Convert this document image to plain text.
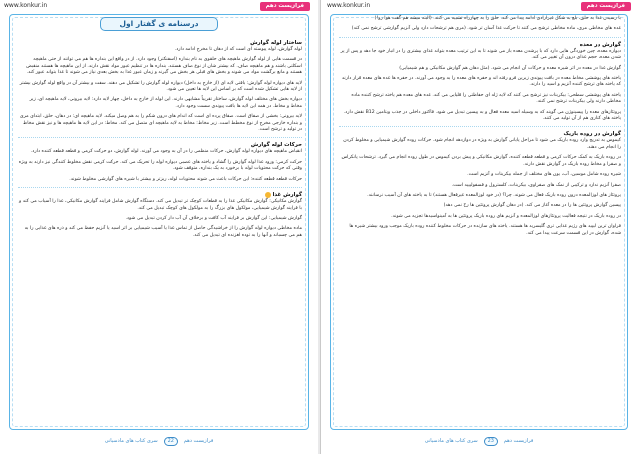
www.konkur.in	فرازیست دهم
درسنامه ی گفتار اول
ساختار لوله گوارش

لوله گوارش، لوله پیوسته ای است که از دهان تا مخرج ادامه دارد.

در قسمت هایی از لوله گوارش ماهیچه های حلقوی به نام بنداره (اسفنکتر) وجود دارد. از در واقع این بنداره ها هم می توانند از حتی ماهیچه اسکلتی باشند و هم ماهیچه صاف. که بیشتر شان از نوع صاف هستند. بنداره ها در تنظیم عبور مواد نقش دارند. از این ماهیچه ها هستند منقبض هستند و مانع برگشت مواد می شوند و بخش های قبلی هر بخش می گیرند و زمان عبور غذا به بخش بعدی نیاز می شوند تا غذا بتواند عبور کند.

لایه های دیواره لوله گوارش: بافتی لایه ای (از خارج به داخل) دیواره لوله گوارش را تشکیل می دهند. سفت و بیشتر آن در واقع لوله گوارش بیشتر از لایه هایی تشکیل شده است که بر اساس این لایه ها تعیین می شود.

دیواره بخش های مختلف لوله گوارش، ساختار تقریباً مشابهی دارند. این لوله از خارج به داخل، چهار لایه دارد: لایه بیرونی، لایه ماهیچه ای، زیر مخاط و مخاط. در همه این لایه ها بافت پیوندی سست وجود دارد.

لایه بیرونی: بخشی از صفاق است. صفاق پرده ای است که اندام های درون شکم را به هم وصل میکند. لایه ماهیچه ای: در دهان، حلق، ابتدای مری و بنداره خارجی مخرج از نوع مخطط است. زیر مخاط: مخاط به لایه ماهیچه ای متصل می کند. مخاط: در این لایه ها ماهیچه ها و نیز نقش مخاط در تولید و ترشح است.

حرکات لوله گوارش

انقباض ماهیچه های دیواره لوله گوارش، حرکات منظمی را در آن به وجود می آورند. لوله گوارش، دو حرکت کرمی و قطعه قطعه کننده دارد.

حرکت کرمی: ورود غذا لوله گوارش را گشاد و یاخته های عصبی دیواره لوله را تحریک می کند. حرکت کرمی نقش مخلوط کنندگی نیز دارند به ویژه وقتی که حرکت محتویات لوله با برخورد به یک بنداره، متوقف شود.

حرکات قطعه قطعه کننده: این حرکات باعث می شوند محتویات لوله، ریزتر و بیشتر با شیره های گوارشی مخلوط شوند.

گوارش غذا

گوارش مکانیکی: گوارش مکانیکی غذا را به قطعات کوچک تر تبدیل می کند. دستگاه گوارش شامل فرایند گوارش مکانیکی، غذا را آسیاب می کند و با فرایند گوارش شیمیایی، مولکول های بزرگ را به مولکول های کوچک تبدیل می کند.

گوارش شیمیایی: این گوارش بر فرایند آب کافت و برخلاف آن آب دار کردن تبدیل می شود.

ماده مخاطی دیواره لوله گوارش را از خراشیدگی حاصل از تماس غذا یا آسیب شیمیایی بر اثر اسید یا آنزیم حفظ می کند و ذره های غذایی را به هم می چسباند و آنها را به توده لغزنده ای تبدیل می کند.

سری کتاب های مادسیانی	22	فرازیست دهم
www.konkur.in	فرازیست دهم

با رسیدن غذا به حلق، بلع به شکل غیرارادی ادامه پیدا می کند. حلق را به چهارراه تشبیه می کنند. (البته میشه هم گفت هوا رو!)

غده های مخاطی مری، ماده مخاطی ترشح می کنند تا حرکت غذا آسان تر شود. (مری هم ترشحات دارد ولی آنزیم گوارشی ترشح نمی کند)

گوارش در معده

دیواره معده، چین خوردگی هایی دارد که با پرشدن معده باز می شوند تا به این ترتیب معده بتواند غذای بیشتری را در انبار خود جا دهد و پس از پر شدن معده، حجم غذای درون آن تغییر می کند.

گوارش غذا در معده در اثر شیره معده و حرکات آن انجام می شود. (مثل دهان هم گوارش مکانیکی و هم شیمیایی)

یاخته های پوششی مخاط معده در بافت پیوندی زیرین فرو رفته اند و حفره های معده را به وجود می آورند. در حفره ها غده های معده قرار دارند که یاخته های ترشح کننده آنزیم و اسید را دارند.

یاخته های پوششی سطحی: بیکربنات نیز ترشح می کنند که لایه ژله ای حفاظتی را قلیایی می کند. غده های معده هم یاخته ترشح کننده ماده مخاطی دارند ولی بیکربنات ترشح نمی کنند.

پروتئازهای معده را پپسینوژن می گویند که به وسیله اسید معده فعال و به پپسین تبدیل می شود. فاکتور داخلی در جذب ویتامین B12 نقش دارد. یاخته های کناری هم از آن تولید می کنند.

گوارش در روده باریک

کیموس به تدریج وارد روده باریک می شود تا مراحل پایانی گوارش به ویژه در دوازدهه انجام شود. حرکات روده گوارش شیمیایی و مخلوط کردن را انجام می دهند.

در روده باریک به کمک حرکات کرمی و قطعه قطعه کننده، گوارش مکانیکی و پیش بردن کیموس در طول روده انجام می گیرد. ترشحات پانکراس و صفرا و مخاط روده باریک در گوارش نقش دارند.

شیره روده شامل موسین، آب، یون های مختلف از جمله بیکربنات و آنزیم است.

صفرا آنزیم ندارد و ترکیبی از نمک های صفراوی، بیکربنات، کلسترول و فسفولیپید است.

پروتئاز های لوزالمعده درون روده باریک فعال می شوند. چرا؟ (در خود لوزالمعده غیرفعال هستند) تا به یاخته های آن آسیب نرسانند.

پپسین گوارش پروتئین ها را در معده آغاز می کند. (در دهان گوارش پروتئین ها رخ نمی دهد)

در روده باریک در نتیجه فعالیت پروتئازهای لوزالمعده و آنزیم های روده باریک پروتئین ها به آمینواسیدها تجزیه می شوند.

فراوان ترین لیپید های رژیم غذایی تری گلیسرید ها هستند. یاخته های سازنده در حرکات مخلوط کننده روده باریک موجب ورود بیشتر شیره ها شده، گوارش در این قسمت سرعت پیدا می کند.

سری کتاب های مادسیانی	23	فرازیست دهم
